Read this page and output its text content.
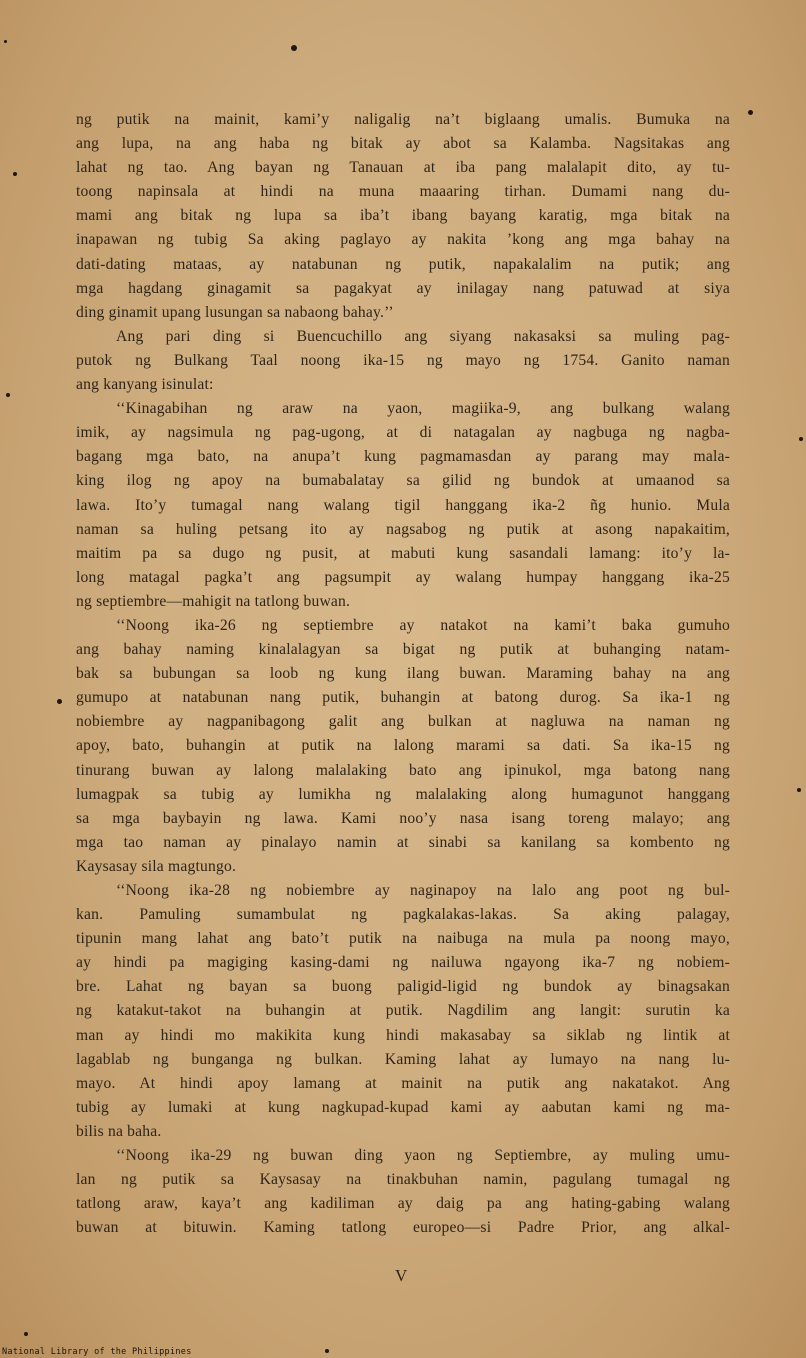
ng putik na mainit, kami’y naligalig na’t biglaang umalis. Bumuka na
ang lupa, na ang haba ng bitak ay abot sa Kalamba. Nagsitakas ang
lahat ng tao. Ang bayan ng Tanauan at iba pang malalapit dito, ay tu-
toong napinsala at hindi na muna maaaring tirhan. Dumami nang du-
mami ang bitak ng lupa sa iba’t ibang bayang karatig, mga bitak na
inapawan ng tubig Sa aking paglayo ay nakita ’kong ang mga bahay na
dati-dating mataas, ay natabunan ng putik, napakalalim na putik; ang
mga hagdang ginagamit sa pagakyat ay inilagay nang patuwad at siya
ding ginamit upang lusungan sa nabaong bahay.’’
Ang pari ding si Buencuchillo ang siyang nakasaksi sa muling pag-
putok ng Bulkang Taal noong ika-15 ng mayo ng 1754. Ganito naman
ang kanyang isinulat:
‘‘Kinagabihan ng araw na yaon, magiika-9, ang bulkang walang
imik, ay nagsimula ng pag-ugong, at di natagalan ay nagbuga ng nagba-
bagang mga bato, na anupa’t kung pagmamasdan ay parang may mala-
king ilog ng apoy na bumabalatay sa gilid ng bundok at umaanod sa
lawa. Ito’y tumagal nang walang tigil hanggang ika-2 ñg hunio. Mula
naman sa huling petsang ito ay nagsabog ng putik at asong napakaitim,
maitim pa sa dugo ng pusit, at mabuti kung sasandali lamang: ito’y la-
long matagal pagka’t ang pagsumpit ay walang humpay hanggang ika-25
ng septiembre—mahigit na tatlong buwan.
‘‘Noong ika-26 ng septiembre ay natakot na kami’t baka gumuho
ang bahay naming kinalalagyan sa bigat ng putik at buhanging natam-
bak sa bubungan sa loob ng kung ilang buwan. Maraming bahay na ang
gumupo at natabunan nang putik, buhangin at batong durog. Sa ika-1 ng
nobiembre ay nagpanibagong galit ang bulkan at nagluwa na naman ng
apoy, bato, buhangin at putik na lalong marami sa dati. Sa ika-15 ng
tinurang buwan ay lalong malalaking bato ang ipinukol, mga batong nang
lumagpak sa tubig ay lumikha ng malalaking along humagunot hanggang
sa mga baybayin ng lawa. Kami noo’y nasa isang toreng malayo; ang
mga tao naman ay pinalayo namin at sinabi sa kanilang sa kombento ng
Kaysasay sila magtungo.
‘‘Noong ika-28 ng nobiembre ay naginapoy na lalo ang poot ng bul-
kan. Pamuling sumambulat ng pagkalakas-lakas. Sa aking palagay,
tipunin mang lahat ang bato’t putik na naibuga na mula pa noong mayo,
ay hindi pa magiging kasing-dami ng nailuwa ngayong ika-7 ng nobiem-
bre. Lahat ng bayan sa buong paligid-ligid ng bundok ay binagsakan
ng katakut-takot na buhangin at putik. Nagdilim ang langit: surutin ka
man ay hindi mo makikita kung hindi makasabay sa siklab ng lintik at
lagablab ng bunganga ng bulkan. Kaming lahat ay lumayo na nang lu-
mayo. At hindi apoy lamang at mainit na putik ang nakatakot. Ang
tubig ay lumaki at kung nagkupad-kupad kami ay aabutan kami ng ma-
bilis na baha.
‘‘Noong ika-29 ng buwan ding yaon ng Septiembre, ay muling umu-
lan ng putik sa Kaysasay na tinakbuhan namin, pagulang tumagal ng
tatlong araw, kaya’t ang kadiliman ay daig pa ang hating-gabing walang
buwan at bituwin. Kaming tatlong europeo—si Padre Prior, ang alkal-
V
National Library of the Philippines
